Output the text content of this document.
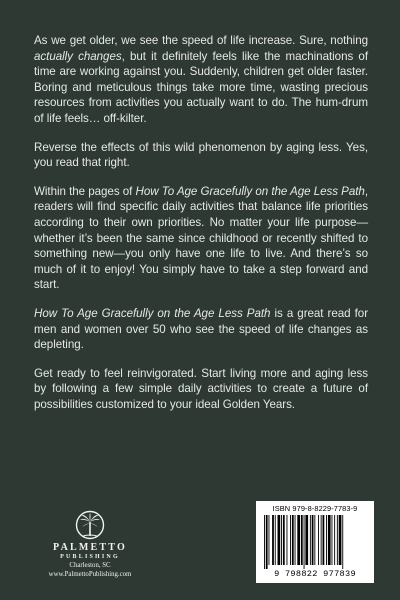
As we get older, we see the speed of life increase. Sure, nothing actually changes, but it definitely feels like the machinations of time are working against you. Suddenly, children get older faster. Boring and meticulous things take more time, wasting precious resources from activities you actually want to do. The hum-drum of life feels… off-kilter.

Reverse the effects of this wild phenomenon by aging less. Yes, you read that right.

Within the pages of How To Age Gracefully on the Age Less Path, readers will find specific daily activities that balance life priorities according to their own priorities. No matter your life purpose—whether it’s been the same since childhood or recently shifted to something new—you only have one life to live. And there’s so much of it to enjoy! You simply have to take a step forward and start.

How To Age Gracefully on the Age Less Path is a great read for men and women over 50 who see the speed of life changes as depleting.

Get ready to feel reinvigorated. Start living more and aging less by following a few simple daily activities to create a future of possibilities customized to your ideal Golden Years.

PALMETTO
PUBLISHING
Charleston, SC
www.PalmettoPublishing.com
ISBN 979-8-8229-7783-9
9 798822 977839
